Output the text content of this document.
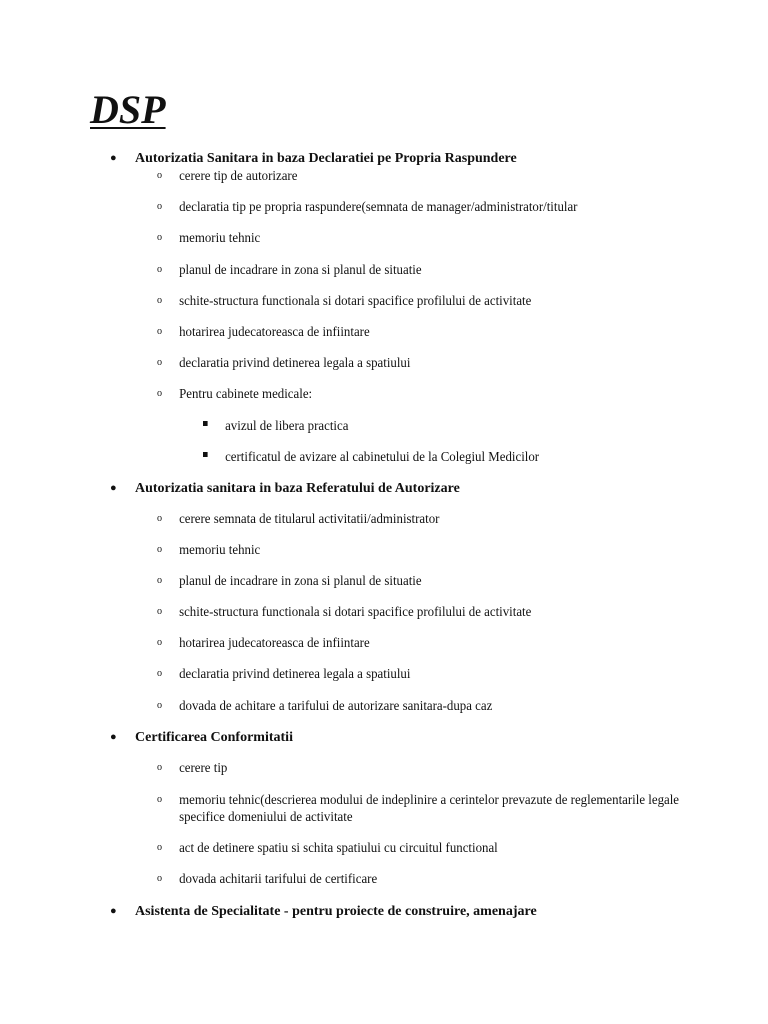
DSP
● Autorizatia Sanitara in baza Declaratiei pe Propria Raspundere
o cerere tip de autorizare
o declaratia tip pe propria raspundere(semnata de manager/administrator/titular
o memoriu tehnic
o planul de incadrare in zona si planul de situatie
o schite-structura functionala si dotari spacifice profilului de activitate
o hotarirea judecatoreasca de infiintare
o declaratia privind detinerea legala a spatiului
o Pentru cabinete medicale:
avizul de libera practica
certificatul de avizare al cabinetului de la Colegiul Medicilor
● Autorizatia sanitara in baza Referatului de Autorizare
o cerere semnata de titularul activitatii/administrator
o memoriu tehnic
o planul de incadrare in zona si planul de situatie
o schite-structura functionala si dotari spacifice profilului de activitate
o hotarirea judecatoreasca de infiintare
o declaratia privind detinerea legala a spatiului
o dovada de achitare a tarifului de autorizare sanitara-dupa caz
● Certificarea Conformitatii
o cerere tip
o memoriu tehnic(descrierea modului de indeplinire a cerintelor prevazute de reglementarile legale specifice domeniului de activitate
o act de detinere spatiu si schita spatiului cu circuitul functional
o dovada achitarii tarifului de certificare
● Asistenta de Specialitate - pentru proiecte de construire, amenajare
